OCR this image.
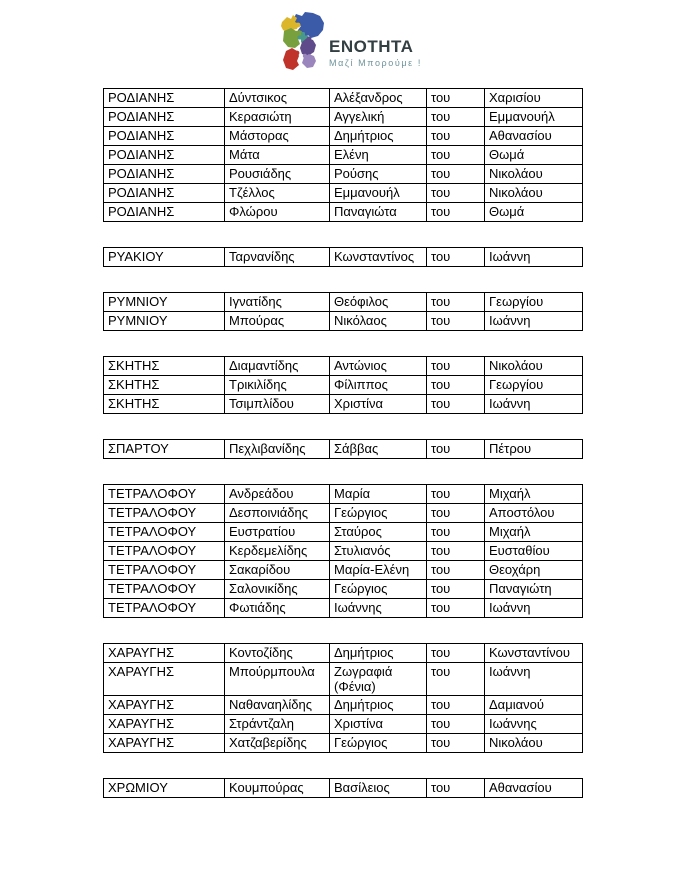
ΕΝΟΤΗΤΑ
Μαζί Μπορούμε !
ΡΟΔΙΑΝΗΣ	Δύντσικος	Αλέξανδρος	του	Χαρισίου
ΡΟΔΙΑΝΗΣ	Κερασιώτη	Αγγελική	του	Εμμανουήλ
ΡΟΔΙΑΝΗΣ	Μάστορας	Δημήτριος	του	Αθανασίου
ΡΟΔΙΑΝΗΣ	Μάτα	Ελένη	του	Θωμά
ΡΟΔΙΑΝΗΣ	Ρουσιάδης	Ρούσης	του	Νικολάου
ΡΟΔΙΑΝΗΣ	Τζέλλος	Εμμανουήλ	του	Νικολάου
ΡΟΔΙΑΝΗΣ	Φλώρου	Παναγιώτα	του	Θωμά
ΡΥΑΚΙΟΥ	Ταρνανίδης	Κωνσταντίνος	του	Ιωάννη
ΡΥΜΝΙΟΥ	Ιγνατίδης	Θεόφιλος	του	Γεωργίου
ΡΥΜΝΙΟΥ	Μπούρας	Νικόλαος	του	Ιωάννη
ΣΚΗΤΗΣ	Διαμαντίδης	Αντώνιος	του	Νικολάου
ΣΚΗΤΗΣ	Τρικιλίδης	Φίλιππος	του	Γεωργίου
ΣΚΗΤΗΣ	Τσιμπλίδου	Χριστίνα	του	Ιωάννη
ΣΠΑΡΤΟΥ	Πεχλιβανίδης	Σάββας	του	Πέτρου
ΤΕΤΡΑΛΟΦΟΥ	Ανδρεάδου	Μαρία	του	Μιχαήλ
ΤΕΤΡΑΛΟΦΟΥ	Δεσποινιάδης	Γεώργιος	του	Αποστόλου
ΤΕΤΡΑΛΟΦΟΥ	Ευστρατίου	Σταύρος	του	Μιχαήλ
ΤΕΤΡΑΛΟΦΟΥ	Κερδεμελίδης	Στυλιανός	του	Ευσταθίου
ΤΕΤΡΑΛΟΦΟΥ	Σακαρίδου	Μαρία-Ελένη	του	Θεοχάρη
ΤΕΤΡΑΛΟΦΟΥ	Σαλονικίδης	Γεώργιος	του	Παναγιώτη
ΤΕΤΡΑΛΟΦΟΥ	Φωτιάδης	Ιωάννης	του	Ιωάννη
ΧΑΡΑΥΓΗΣ	Κοντοζίδης	Δημήτριος	του	Κωνσταντίνου
ΧΑΡΑΥΓΗΣ	Μπούρμπουλα	Ζωγραφιά (Φένια)	του	Ιωάννη
ΧΑΡΑΥΓΗΣ	Ναθαναηλίδης	Δημήτριος	του	Δαμιανού
ΧΑΡΑΥΓΗΣ	Στράντζαλη	Χριστίνα	του	Ιωάννης
ΧΑΡΑΥΓΗΣ	Χατζαβερίδης	Γεώργιος	του	Νικολάου
ΧΡΩΜΙΟΥ	Κουμπούρας	Βασίλειος	του	Αθανασίου
